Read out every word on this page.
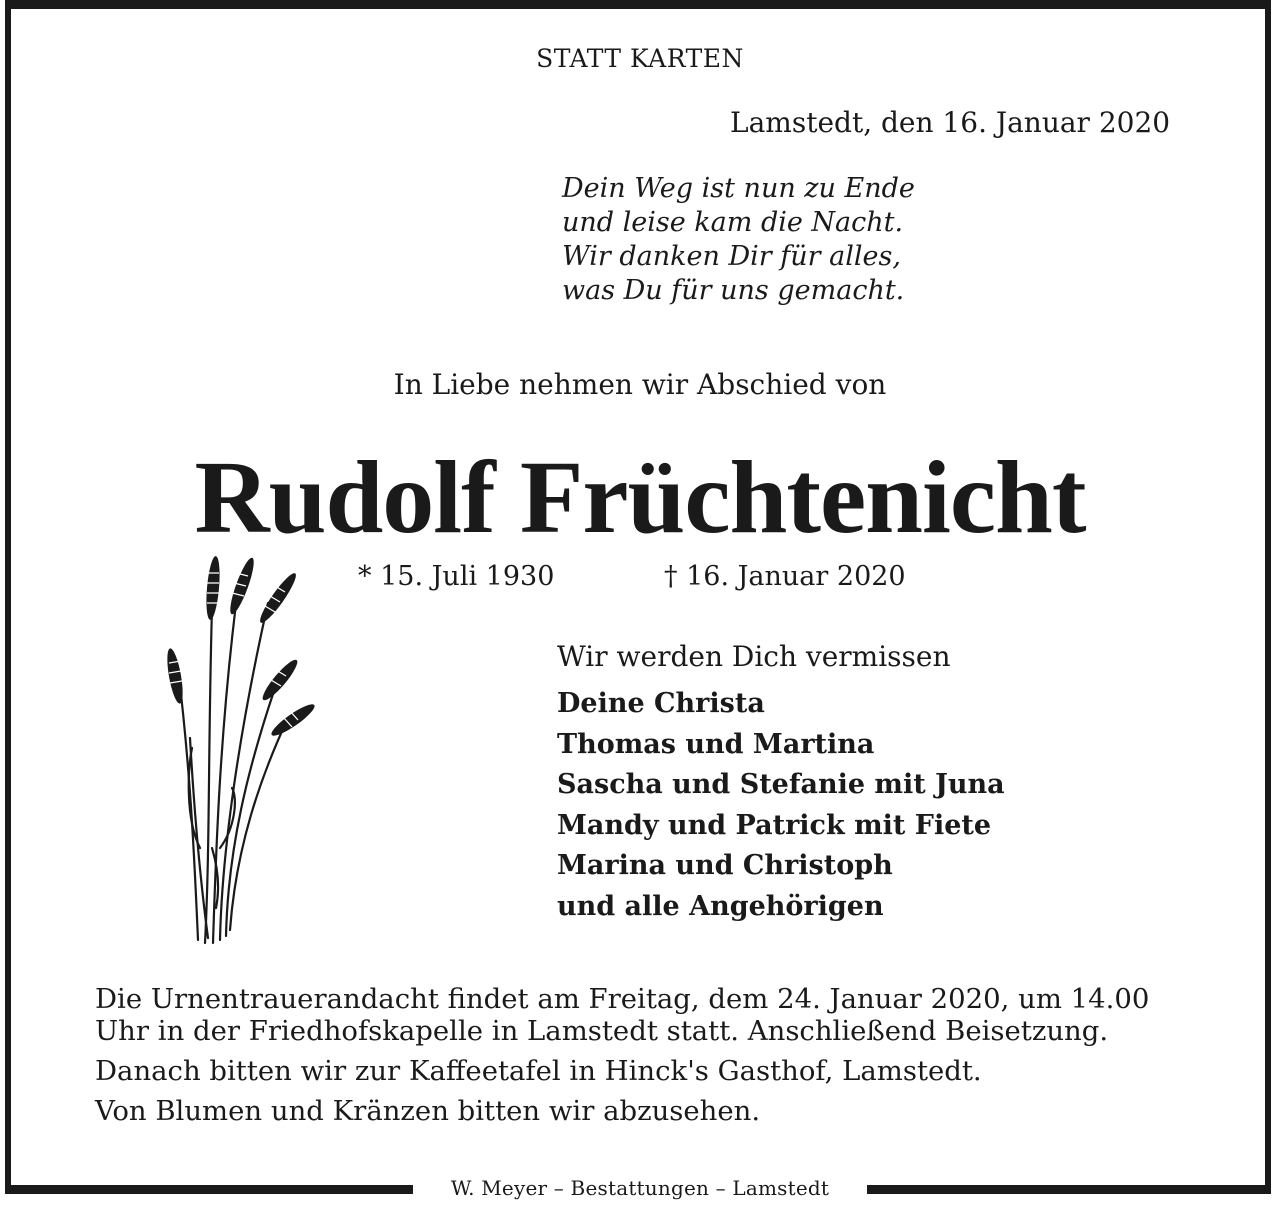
W. Meyer – Bestattungen – Lamstedt
STATT KARTEN
Lamstedt, den 16. Januar 2020
Dein Weg ist nun zu Ende
und leise kam die Nacht.
Wir danken Dir für alles,
was Du für uns gemacht.
In Liebe nehmen wir Abschied von
Rudolf Früchtenicht
* 15. Juli 1930	† 16. Januar 2020
Wir werden Dich vermissen
Deine Christa
Thomas und Martina
Sascha und Stefanie mit Juna
Mandy und Patrick mit Fiete
Marina und Christoph
und alle Angehörigen
Die Urnentrauerandacht findet am Freitag, dem 24. Januar 2020, um 14.00
Uhr in der Friedhofskapelle in Lamstedt statt. Anschließend Beisetzung.
Danach bitten wir zur Kaffeetafel in Hinck's Gasthof, Lamstedt.
Von Blumen und Kränzen bitten wir abzusehen.
